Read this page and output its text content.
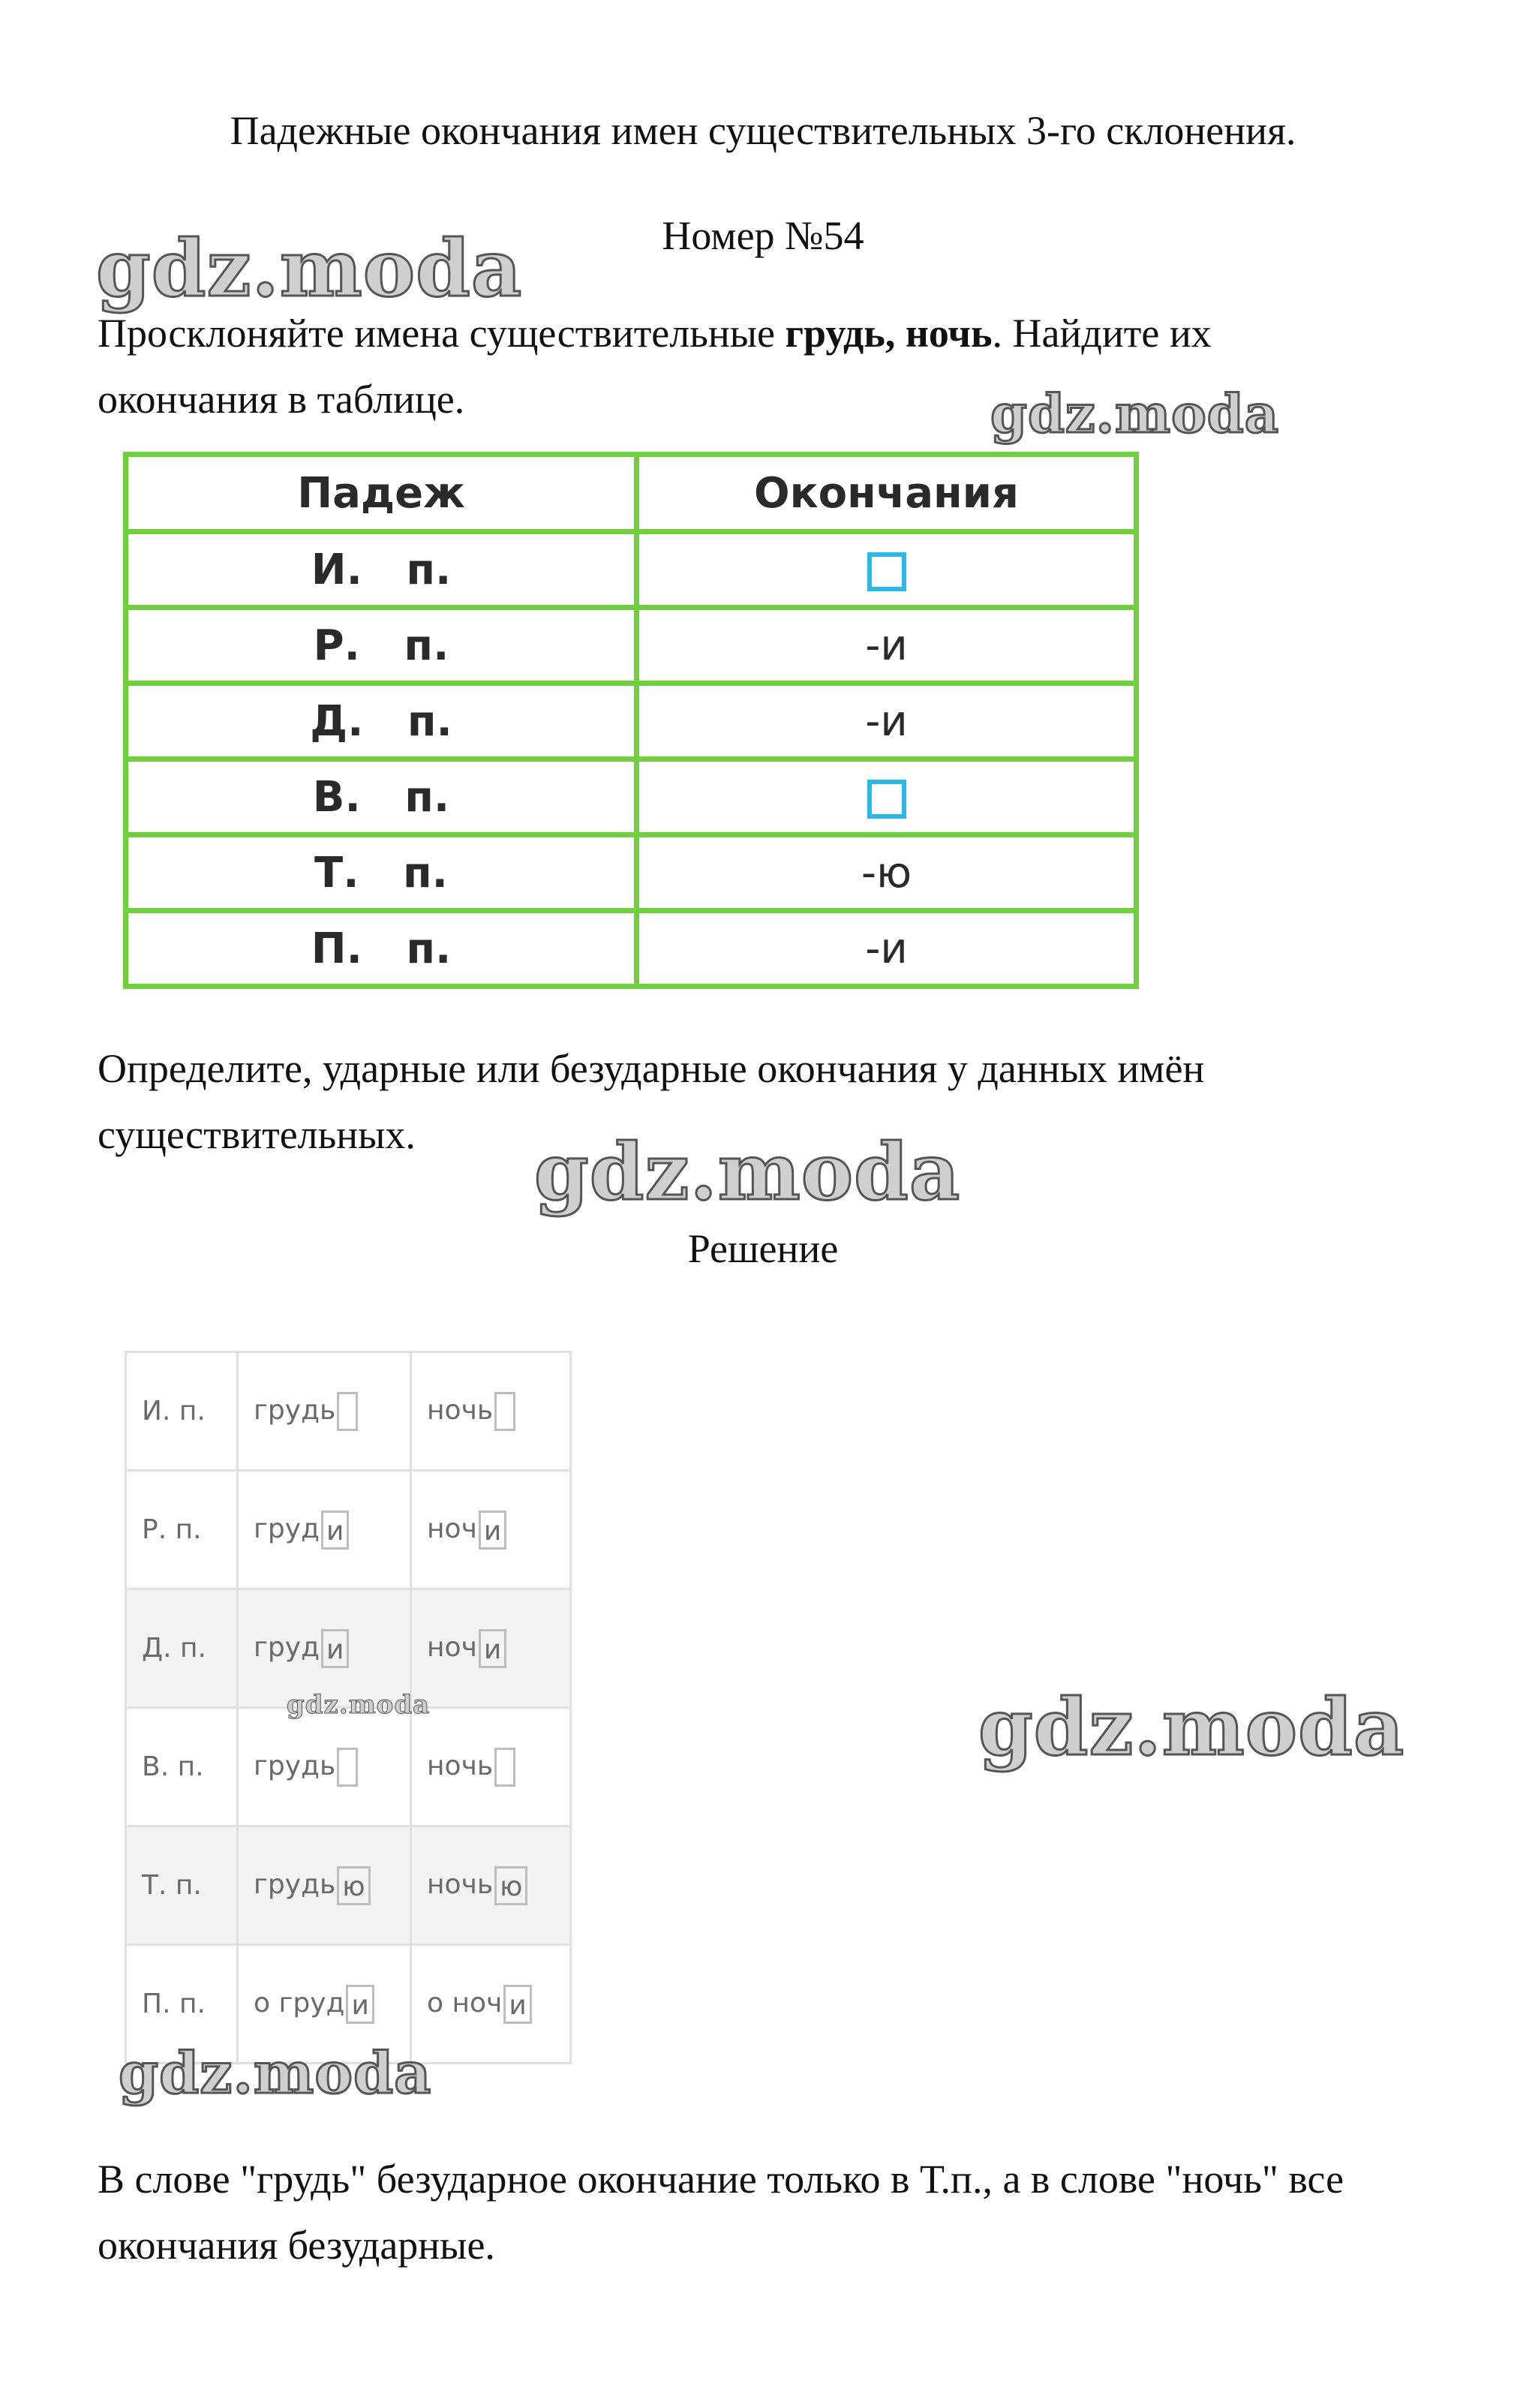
Падежные окончания имен существительных 3-го склонения.
Номер №54
Просклоняйте имена существительные грудь, ночь. Найдите их окончания в таблице.
Падеж	Окончания
И.   п.	
Р.   п.	-и
Д.   п.	-и
В.   п.	
Т.   п.	-ю
П.   п.	-и
Определите, ударные или безударные окончания у данных имён существительных.
Решение
И. п.	грудь	ночь
Р. п.	груд и	ноч и
Д. п.	груд и	ноч и
В. п.	грудь	ночь
Т. п.	грудь ю	ночь ю
П. п.	о груд и	о ноч и
В слове "грудь" безударное окончание только в Т.п., а в слове "ночь" все окончания безударные.
gdz.moda
gdz.moda
gdz.moda
gdz.moda	gdz.moda
gdz.moda
